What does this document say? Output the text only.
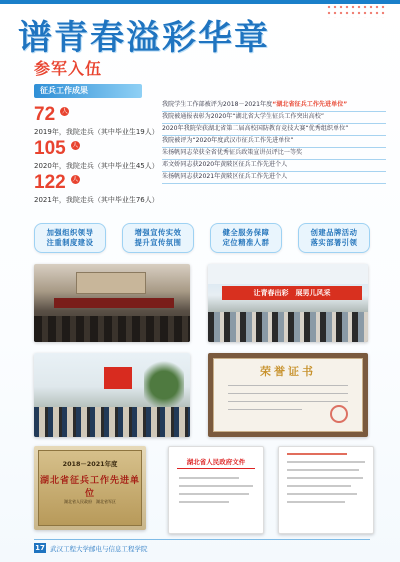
谱青春溢彩华章
参军入伍
征兵工作成果
72 人
2019年，我院走兵（其中毕业生19人）
105 人
2020年，我院走兵（其中毕业生45人）
122 人
2021年，我院走兵（其中毕业生76人）
我院学生工作部被评为2018－2021年度“湖北省征兵工作先进单位”
我院被通报表彰为2020年“湖北省大学生征兵工作突出高校”
2020年我院荣获湖北省第二届高校国防教育竞技大赛“优秀组织单位”
我院被评为“2020年度武汉市征兵工作先进单位”
朱扬帆同志荣获全省优秀征兵政策宣讲员评比一等奖
邓文娇同志获2020年黄陂区征兵工作先进个人
朱扬帆同志获2021年黄陂区征兵工作先进个人
加强组织领导
注重制度建设
增强宣传实效
提升宣传氛围
健全服务保障
定位精准人群
创建品牌活动
落实部署引领
让青春出彩　展男儿风采
荣誉证书
2018－2021年度
湖北省征兵工作先进单位
湖北省人民政府　湖北省军区
湖北省人民政府文件
17 武汉工程大学邮电与信息工程学院
